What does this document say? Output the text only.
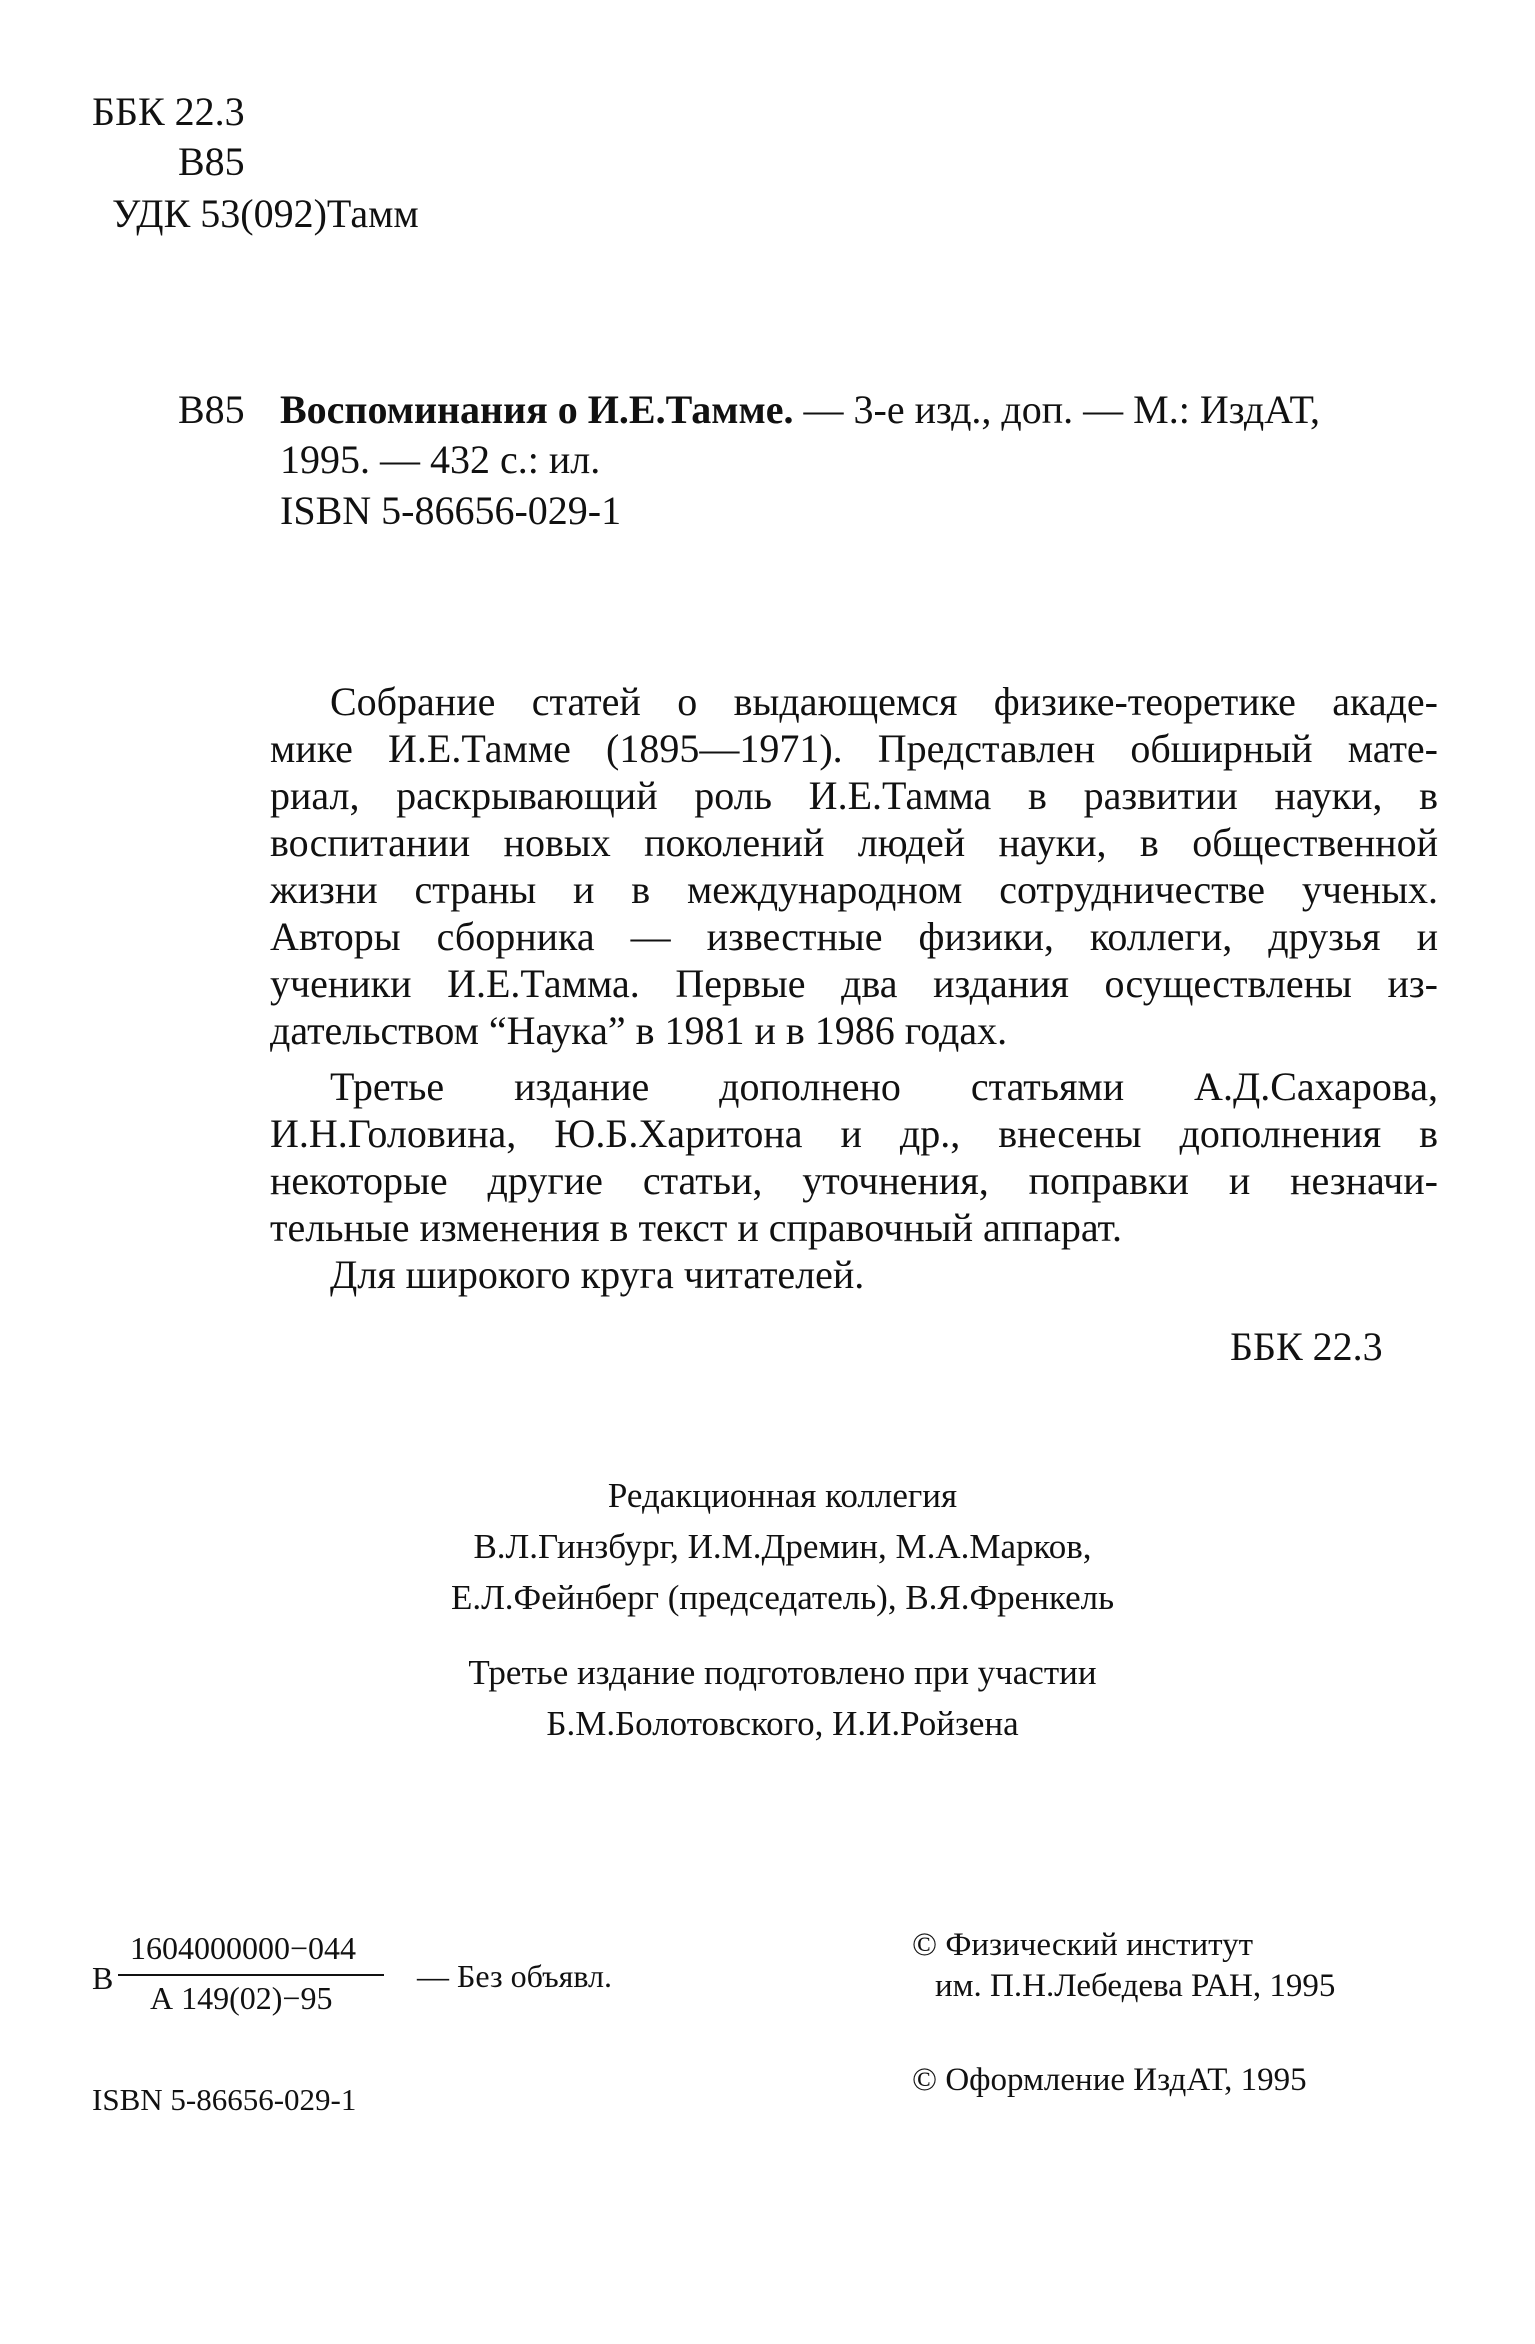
ББК 22.3
В85
УДК 53(092)Тамм
В85 Воспоминания о И.Е.Тамме. — 3-е изд., доп. — М.: ИздАТ,
1995. — 432 с.: ил.
ISBN 5-86656-029-1
Собрание статей о выдающемся физике-теоретике акаде-
мике И.Е.Тамме (1895—1971). Представлен обширный мате-
риал, раскрывающий роль И.Е.Тамма в развитии науки, в
воспитании новых поколений людей науки, в общественной
жизни страны и в международном сотрудничестве ученых.
Авторы сборника — известные физики, коллеги, друзья и
ученики И.Е.Тамма. Первые два издания осуществлены из-
дательством “Наука” в 1981 и в 1986 годах.
Третье издание дополнено статьями А.Д.Сахарова,
И.Н.Головина, Ю.Б.Харитона и др., внесены дополнения в
некоторые другие статьи, уточнения, поправки и незначи-
тельные изменения в текст и справочный аппарат.
Для широкого круга читателей.
ББК 22.3
Редакционная коллегия
В.Л.Гинзбург, И.М.Дремин, М.А.Марков,
Е.Л.Фейнберг (председатель), В.Я.Френкель
Третье издание подготовлено при участии
Б.М.Болотовского, И.И.Ройзена
В
1604000000−044
А 149(02)−95
— Без объявл.
ISBN 5-86656-029-1
© Физический институт
им. П.Н.Лебедева РАН, 1995
© Оформление ИздАТ, 1995
